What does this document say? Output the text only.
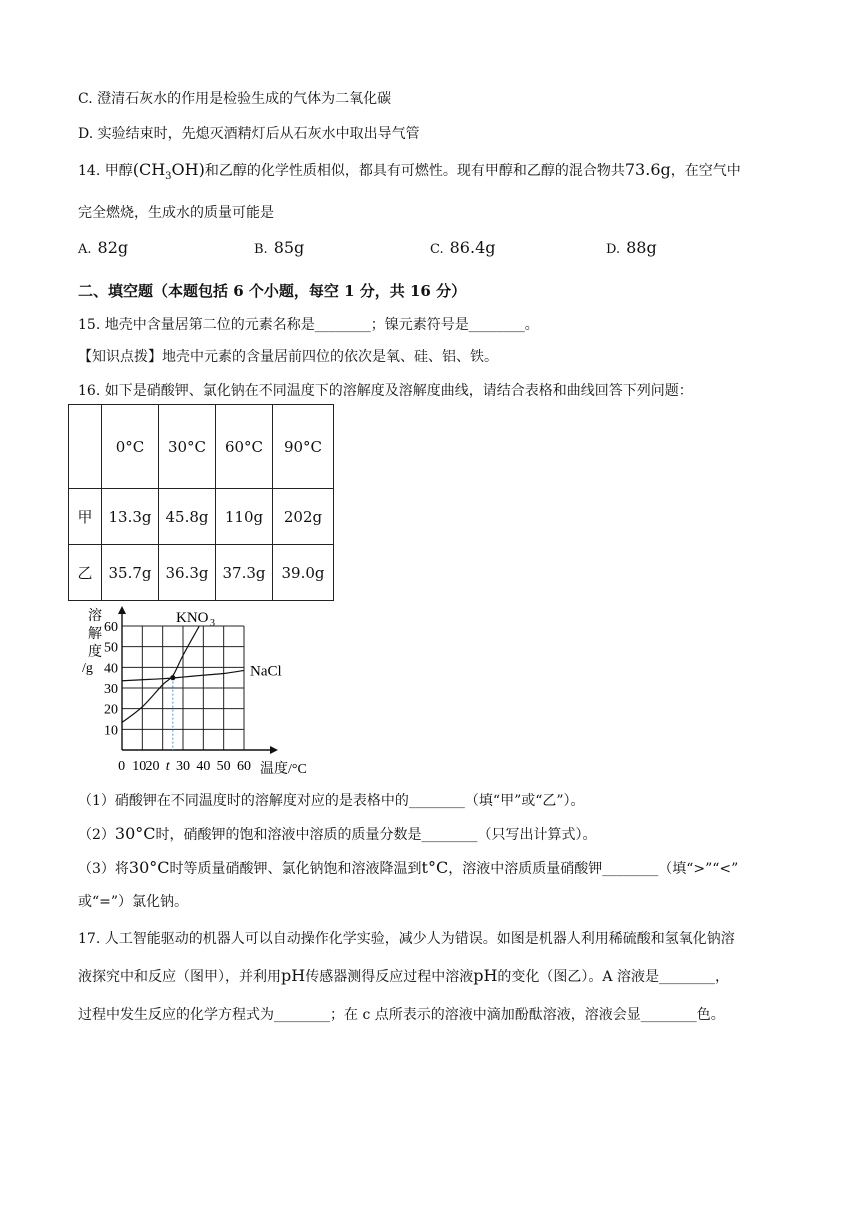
C. 澄清石灰水的作用是检验生成的气体为二氧化碳
D. 实验结束时，先熄灭酒精灯后从石灰水中取出导气管
14. 甲醇$(CH_3OH)$和乙醇的化学性质相似，都具有可燃性。现有甲醇和乙醇的混合物共73.6g，在空气中
完全燃烧，生成水的质量可能是
A. 82g	B. 85g	C. 86.4g	D. 88g
二、填空题（本题包括 6 个小题，每空 1 分，共 16 分）
15. 地壳中含量居第二位的元素名称是________；镍元素符号是________。
【知识点拨】地壳中元素的含量居前四位的依次是氧、硅、铝、铁。
16. 如下是硝酸钾、氯化钠在不同温度下的溶解度及溶解度曲线，请结合表格和曲线回答下列问题：
	0°C	30°C	60°C	90°C
甲	13.3g	45.8g	110g	202g
乙	35.7g	36.3g	37.3g	39.0g
溶
解
度
/g
60
50
40
30
20
10
0 10 20 t 30 40 50 60 温度/°C
KNO 3
NaCl
（1）硝酸钾在不同温度时的溶解度对应的是表格中的________（填“甲”或“乙”）。
（2）30°C时，硝酸钾的饱和溶液中溶质的质量分数是________（只写出计算式）。
（3）将30°C时等质量硝酸钾、氯化钠饱和溶液降温到t°C，溶液中溶质质量硝酸钾________（填“>”“<”
或“=”）氯化钠。
17. 人工智能驱动的机器人可以自动操作化学实验，减少人为错误。如图是机器人利用稀硫酸和氢氧化钠溶
液探究中和反应（图甲），并利用pH传感器测得反应过程中溶液pH的变化（图乙）。A 溶液是________，
过程中发生反应的化学方程式为________；在 c 点所表示的溶液中滴加酚酞溶液，溶液会显________色。
